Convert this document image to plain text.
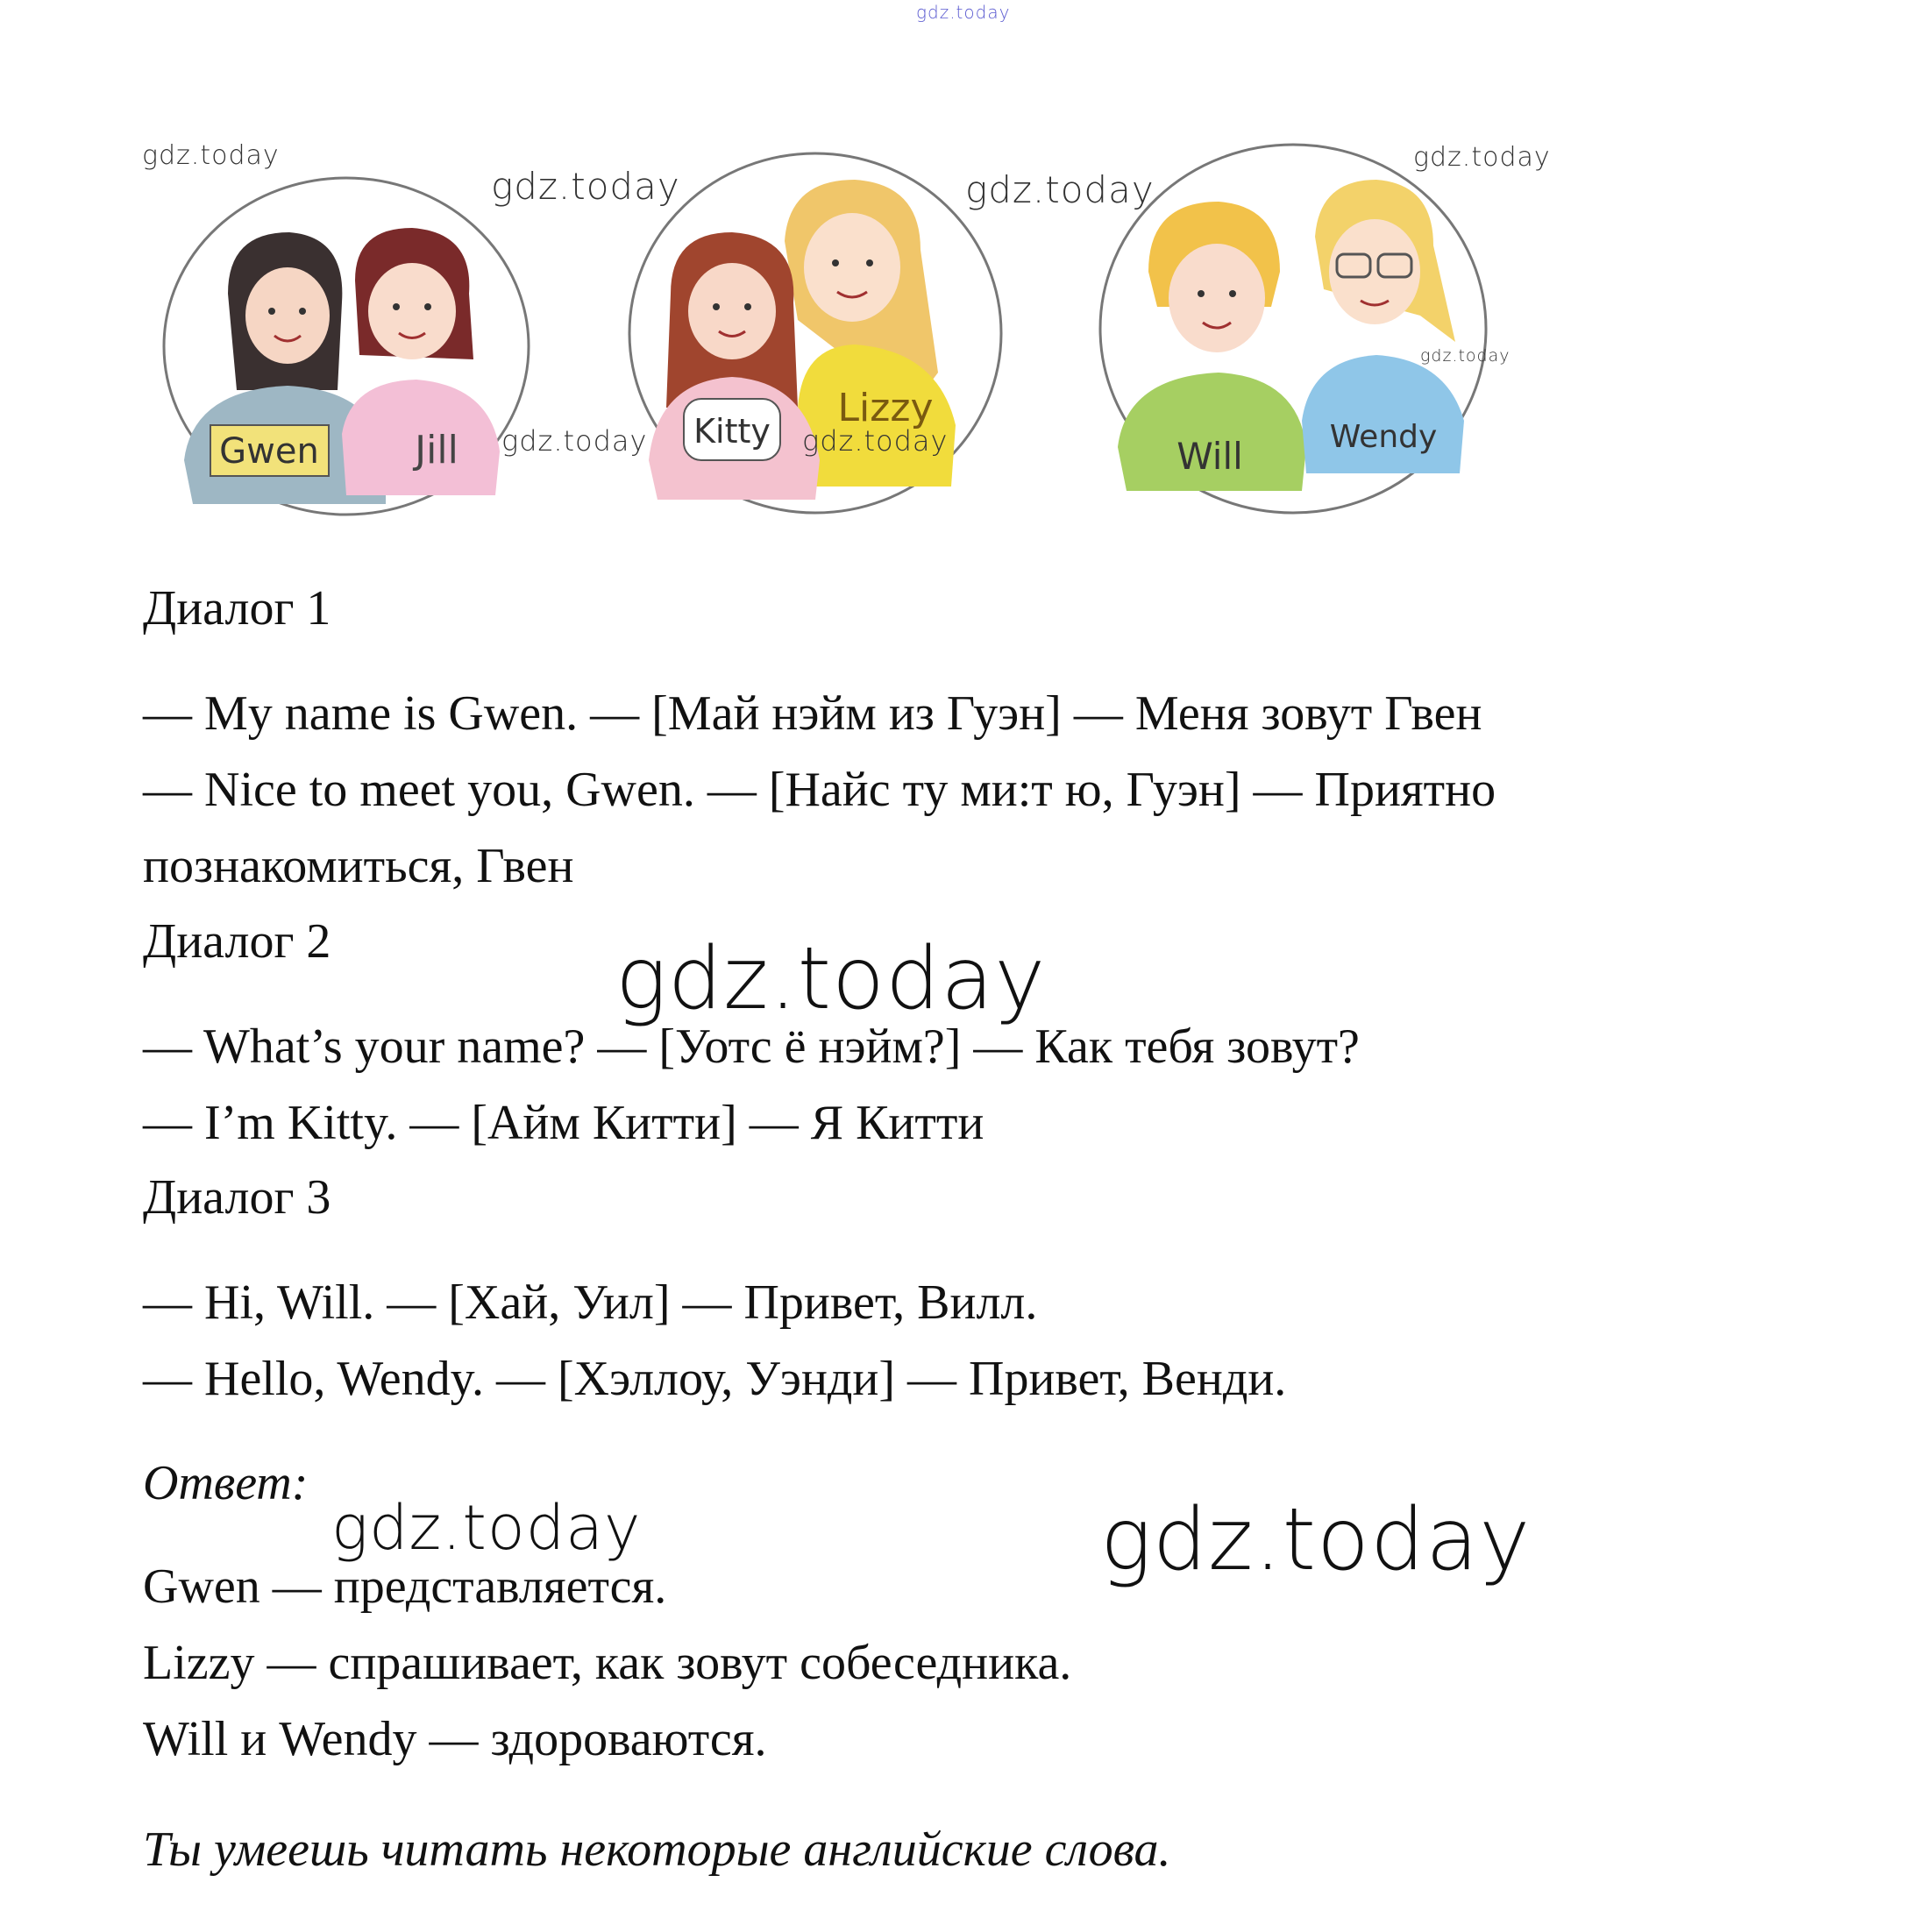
Gwen Jill	Kitty
Lizzy
Will	Wendy
gdz.today
gdz.today
gdz.today	gdz.today
gdz.today
gdz.today	gdz.today
gdz.today
Диалог 1
— My name is Gwen. — [Май нэйм из Гуэн] — Меня зовут Гвен
— Nice to meet you, Gwen. — [Найс ту ми:т ю, Гуэн] — Приятно
познакомиться, Гвен
Диалог 2
— What’s your name? — [Уотс ё нэйм?] — Как тебя зовут?
— I’m Kitty. — [Айм Китти] — Я Китти
Диалог 3
— Hi, Will. — [Хай, Уил] — Привет, Вилл.
— Hello, Wendy. — [Хэллоу, Уэнди] — Привет, Венди.
Ответ:
Gwen — представляется.
Lizzy — спрашивает, как зовут собеседника.
Will и Wendy — здороваются.
Ты умеешь читать некоторые английские слова.
gdz.today
gdz.today	gdz.today
